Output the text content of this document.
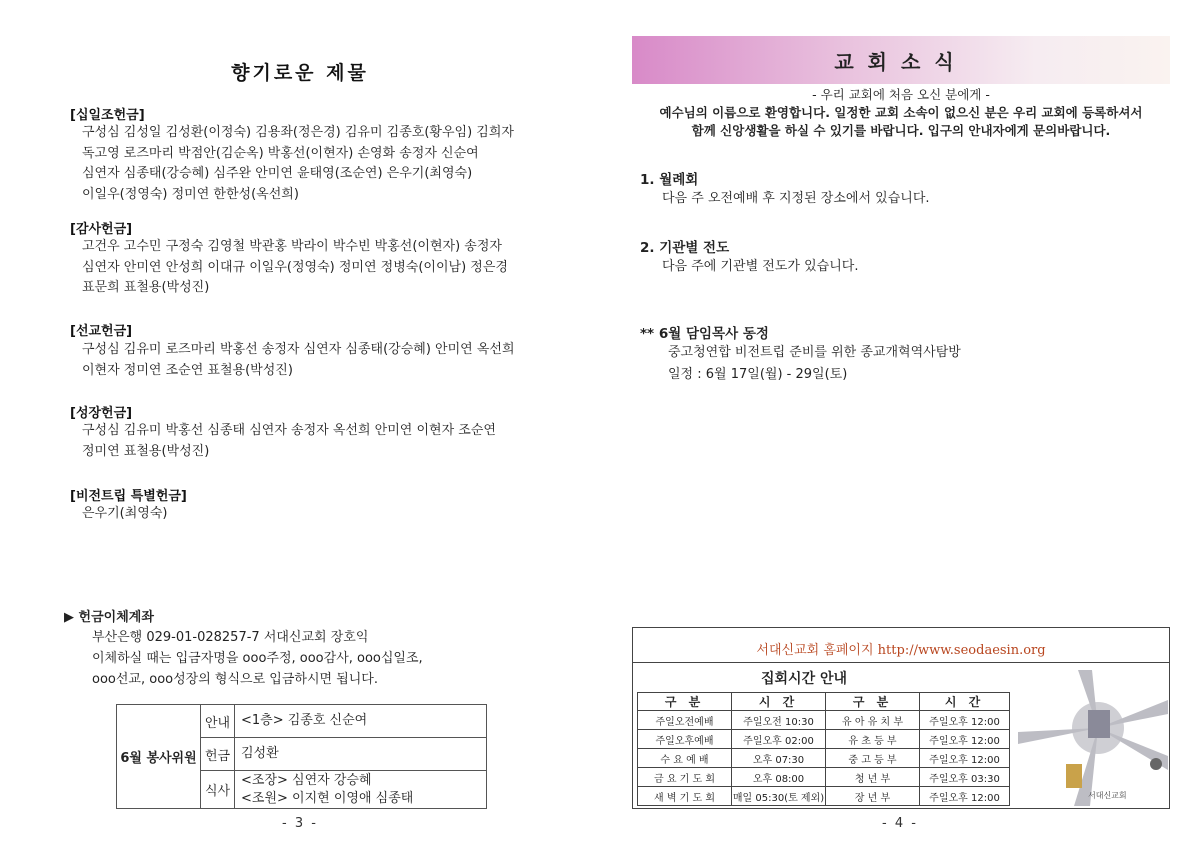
향기로운 제물
[십일조헌금]
구성심 김성일 김성환(이정숙) 김용좌(정은경) 김유미 김종호(황우임) 김희자
독고영 로즈마리 박점안(김순옥) 박홍선(이현자) 손영화 송정자 신순여
심연자 심종태(강승혜) 심주완 안미연 윤태영(조순연) 은우기(최영숙)
이일우(정영숙) 정미연 한한성(옥선희)
[감사헌금]
고건우 고수민 구정숙 김영철 박관홍 박라이 박수빈 박홍선(이현자) 송정자
심연자 안미연 안성희 이대규 이일우(정영숙) 정미연 정병숙(이이남) 정은경
표문희 표철용(박성진)
[선교헌금]
구성심 김유미 로즈마리 박홍선 송정자 심연자 심종태(강승혜) 안미연 옥선희
이현자 정미연 조순연 표철용(박성진)
[성장헌금]
구성심 김유미 박홍선 심종태 심연자 송정자 옥선희 안미연 이현자 조순연
정미연 표철용(박성진)
[비전트립 특별헌금]
은우기(최영숙)
▶ 헌금이체계좌
부산은행 029-01-028257-7 서대신교회 장호익
이체하실 때는 입금자명을 ooo주정, ooo감사, ooo십일조,
ooo선교, ooo성장의 형식으로 입금하시면 됩니다.
6월 봉사위원	안내	<1층> 김종호 신순여

	헌금	김성환

	식사	<조장> 심연자 강승혜
<조원> 이지현 이영애 심종태
- 3 -
교회소식
- 우리 교회에 처음 오신 분에게 -
예수님의 이름으로 환영합니다. 일정한 교회 소속이 없으신 분은 우리 교회에 등록하셔서
함께 신앙생활을 하실 수 있기를 바랍니다. 입구의 안내자에게 문의바랍니다.
1. 월례회
다음 주 오전예배 후 지정된 장소에서 있습니다.
2. 기관별 전도
다음 주에 기관별 전도가 있습니다.
** 6월 담임목사 동정
중고청연합 비전트립 준비를 위한 종교개혁역사탐방
일정 : 6월 17일(월) - 29일(토)
서대신교회 홈페이지 http://www.seodaesin.org
집회시간 안내
구 분	시 간	구 분	시 간
주일오전예배	주일오전 10:30	유 아 유 치 부	주일오후 12:00
주일오후예배	주일오후 02:00	유 초 등 부	주일오후 12:00
수 요 예 배	오후 07:30	중 고 등 부	주일오후 12:00
금 요 기 도 회	오후 08:00	청 년 부	주일오후 03:30
새 벽 기 도 회	매일 05:30(토 제외)	장 년 부	주일오후 12:00	서대신교회
- 4 -
